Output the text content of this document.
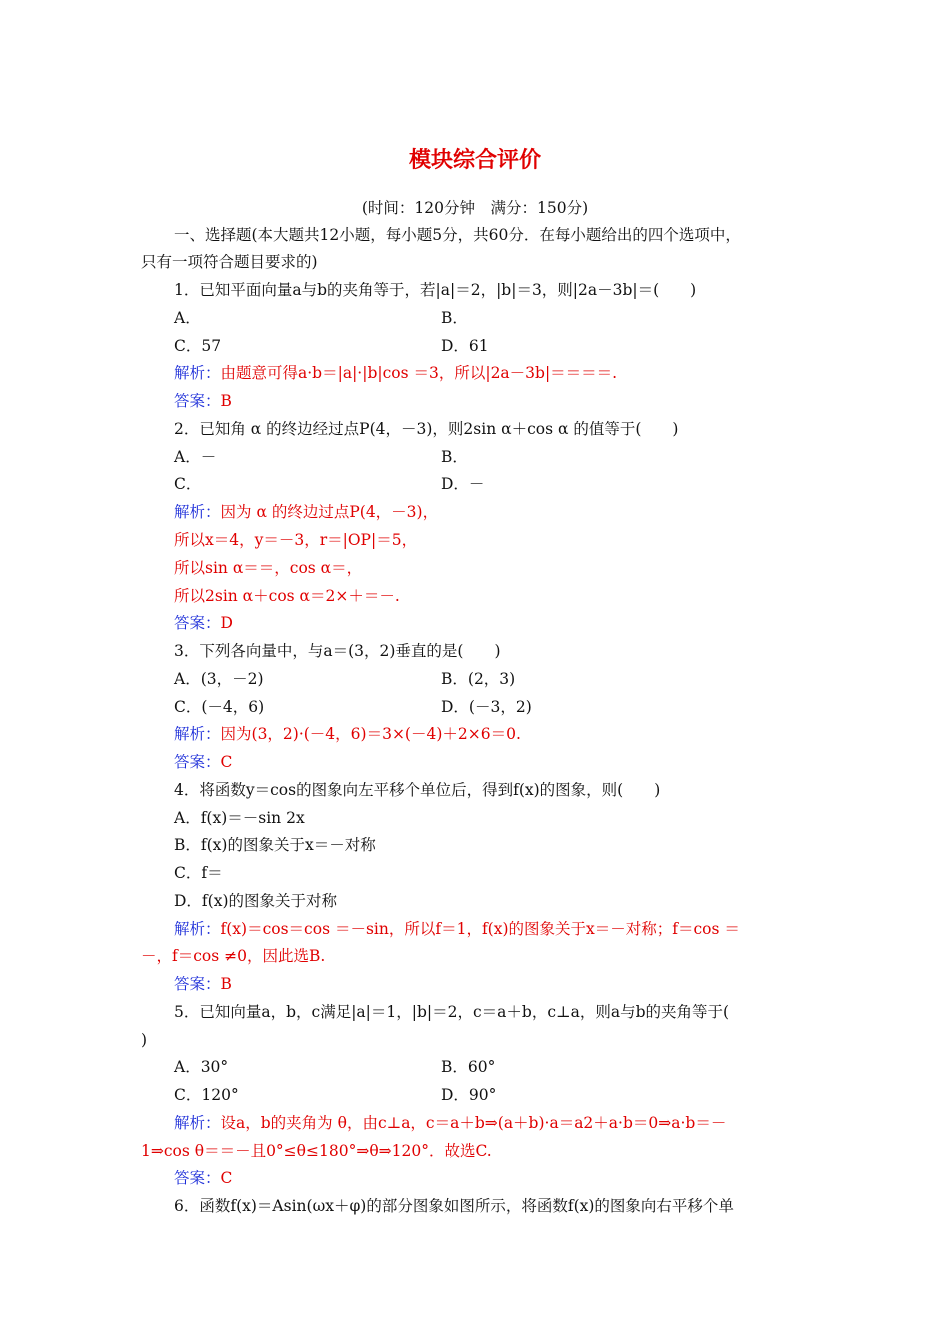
模块综合评价
(时间：120分钟　满分：150分)
一、选择题(本大题共12小题，每小题5分，共60分．在每小题给出的四个选项中，
只有一项符合题目要求的)
1．已知平面向量a与b的夹角等于，若|a|＝2，|b|＝3，则|2a－3b|＝(　　)
A．	B．
C．57	D．61
解析：由题意可得a·b＝|a|·|b|cos ＝3，所以|2a－3b|＝＝＝＝.
答案：B
2．已知角 α 的终边经过点P(4，－3)，则2sin α＋cos α 的值等于(　　)
A．－	B．
C．	D．－
解析：因为 α 的终边过点P(4，－3)，
所以x＝4，y＝－3，r＝|OP|＝5，
所以sin α＝＝，cos α＝，
所以2sin α＋cos α＝2×＋＝－.
答案：D
3．下列各向量中，与a＝(3，2)垂直的是(　　)
A．(3，－2)	B．(2，3)
C．(－4，6)	D．(－3，2)
解析：因为(3，2)·(－4，6)＝3×(－4)＋2×6＝0.
答案：C
4．将函数y＝cos的图象向左平移个单位后，得到f(x)的图象，则(　　)
A．f(x)＝－sin 2x
B．f(x)的图象关于x＝－对称
C．f＝
D．f(x)的图象关于对称
解析：f(x)＝cos＝cos ＝－sin，所以f＝1，f(x)的图象关于x＝－对称；f＝cos ＝
－，f＝cos ≠0，因此选B.
答案：B
5．已知向量a，b，c满足|a|＝1，|b|＝2，c＝a＋b，c⊥a，则a与b的夹角等于(
)
A．30°	B．60°
C．120°	D．90°
解析：设a，b的夹角为 θ，由c⊥a，c＝a＋b⇒(a＋b)·a＝a2＋a·b＝0⇒a·b＝－
1⇒cos θ＝＝－且0°≤θ≤180°⇒θ⇒120°．故选C.
答案：C
6．函数f(x)＝Asin(ωx＋φ)的部分图象如图所示，将函数f(x)的图象向右平移个单
